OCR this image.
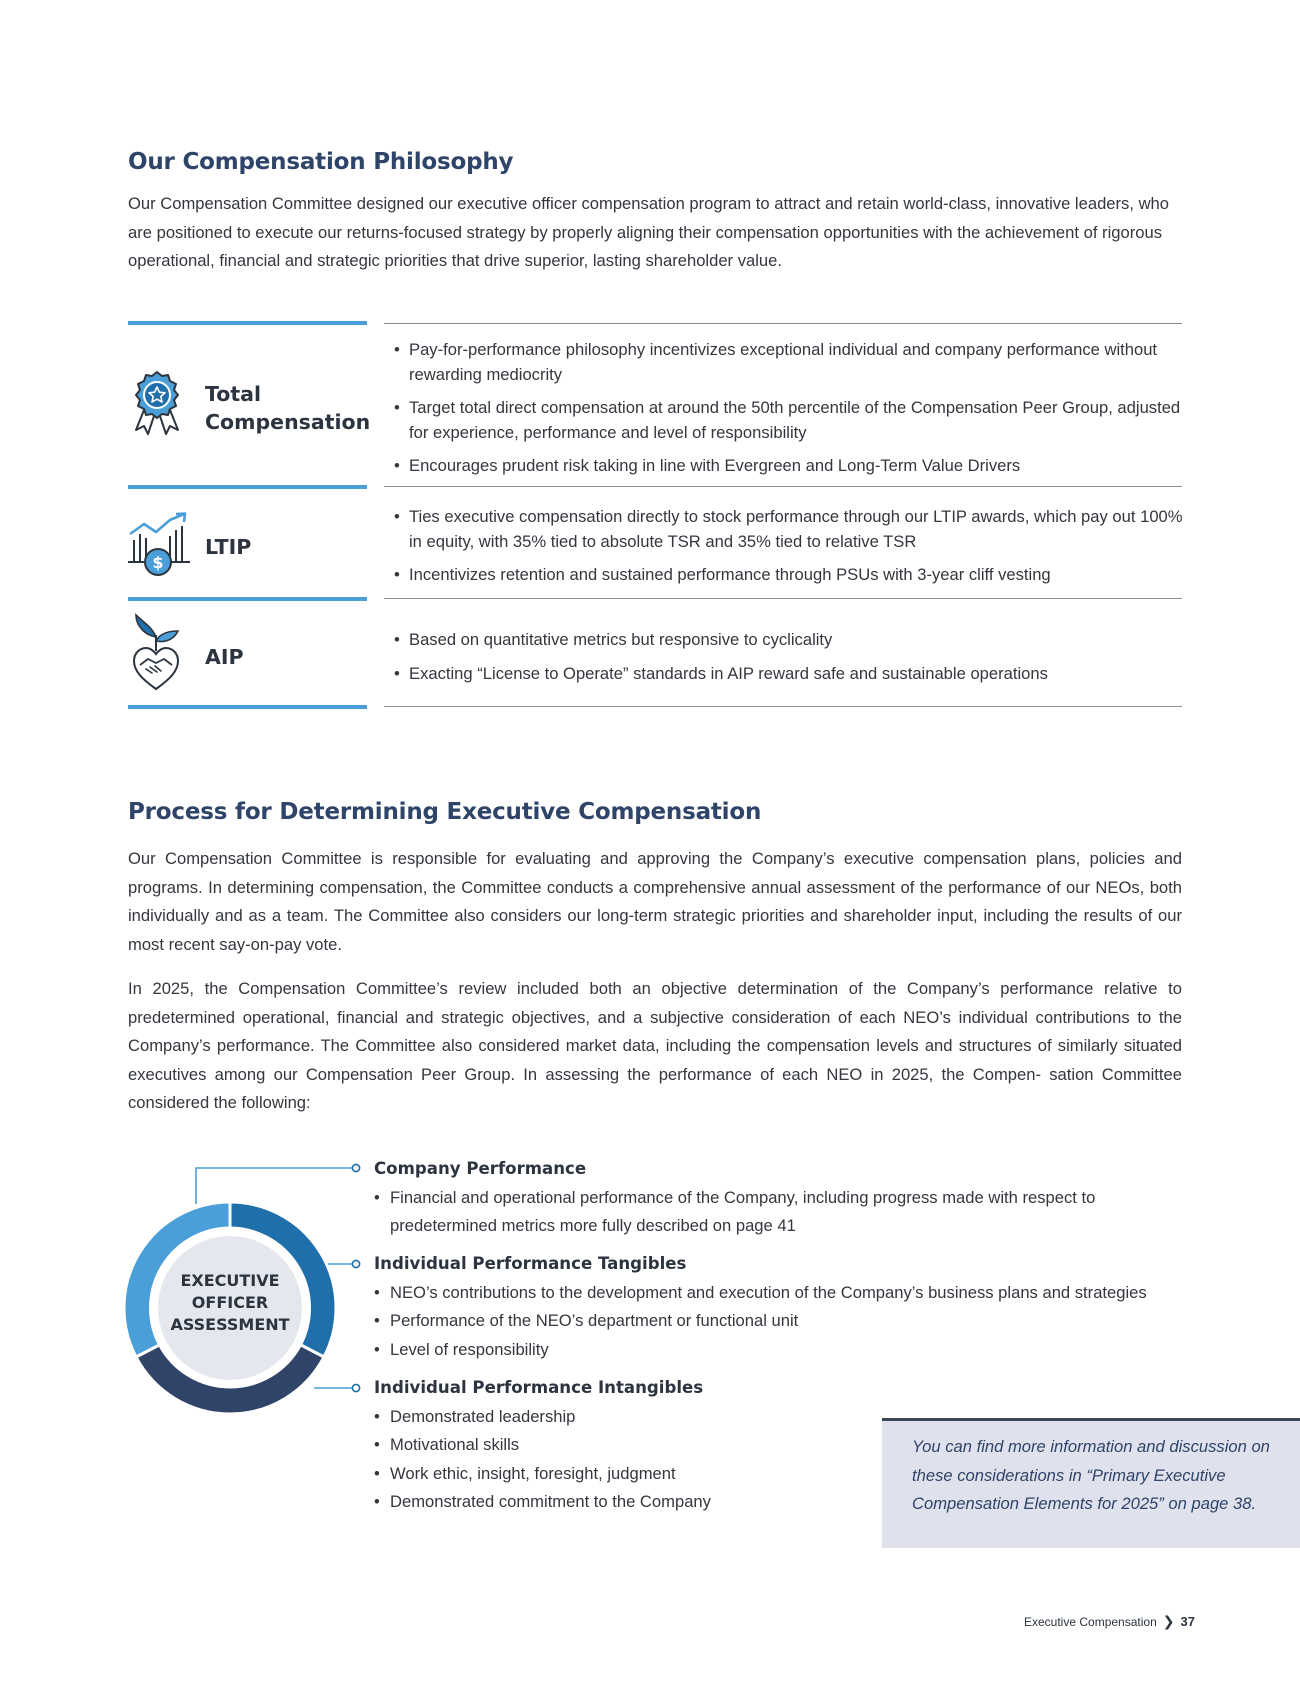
Our Compensation Philosophy

Our Compensation Committee designed our executive officer compensation program to attract and retain world-class, innovative leaders, who are positioned to execute our returns-focused strategy by properly aligning their compensation opportunities with the achievement of rigorous operational, financial and strategic priorities that drive superior, lasting shareholder value.

Total
Compensation
• Pay-for-performance philosophy incentivizes exceptional individual and company performance without rewarding mediocrity
• Target total direct compensation at around the 50th percentile of the Compensation Peer Group, adjusted for experience, performance and level of responsibility
• Encourages prudent risk taking in line with Evergreen and Long-Term Value Drivers
$
LTIP
• Ties executive compensation directly to stock performance through our LTIP awards, which pay out 100% in equity, with 35% tied to absolute TSR and 35% tied to relative TSR
• Incentivizes retention and sustained performance through PSUs with 3-year cliff vesting
AIP
• Based on quantitative metrics but responsive to cyclicality
• Exacting “License to Operate” standards in AIP reward safe and sustainable operations
Process for Determining Executive Compensation

Our Compensation Committee is responsible for evaluating and approving the Company’s executive compensation plans, policies and programs. In determining compensation, the Committee conducts a comprehensive annual assessment of the performance of our NEOs, both individually and as a team. The Committee also considers our long-term strategic priorities and shareholder input, including the results of our most recent say-on-pay vote.

In 2025, the Compensation Committee’s review included both an objective determination of the Company’s performance relative to predetermined operational, financial and strategic objectives, and a subjective consideration of each NEO’s individual contributions to the Company’s performance. The Committee also considered market data, including the compensation levels and structures of similarly situated executives among our Compensation Peer Group. In assessing the performance of each NEO in 2025, the Compen- sation Committee considered the following:

EXECUTIVE
OFFICER
ASSESSMENT
Company Performance
• Financial and operational performance of the Company, including progress made with respect to predetermined metrics more fully described on page 41
Individual Performance Tangibles
• NEO’s contributions to the development and execution of the Company’s business plans and strategies
• Performance of the NEO’s department or functional unit
• Level of responsibility
Individual Performance Intangibles
• Demonstrated leadership
• Motivational skills
• Work ethic, insight, foresight, judgment
• Demonstrated commitment to the Company

You can find more information and discussion on these considerations in “Primary Executive Compensation Elements for 2025” on page 38.

Executive Compensation ❯ 37
